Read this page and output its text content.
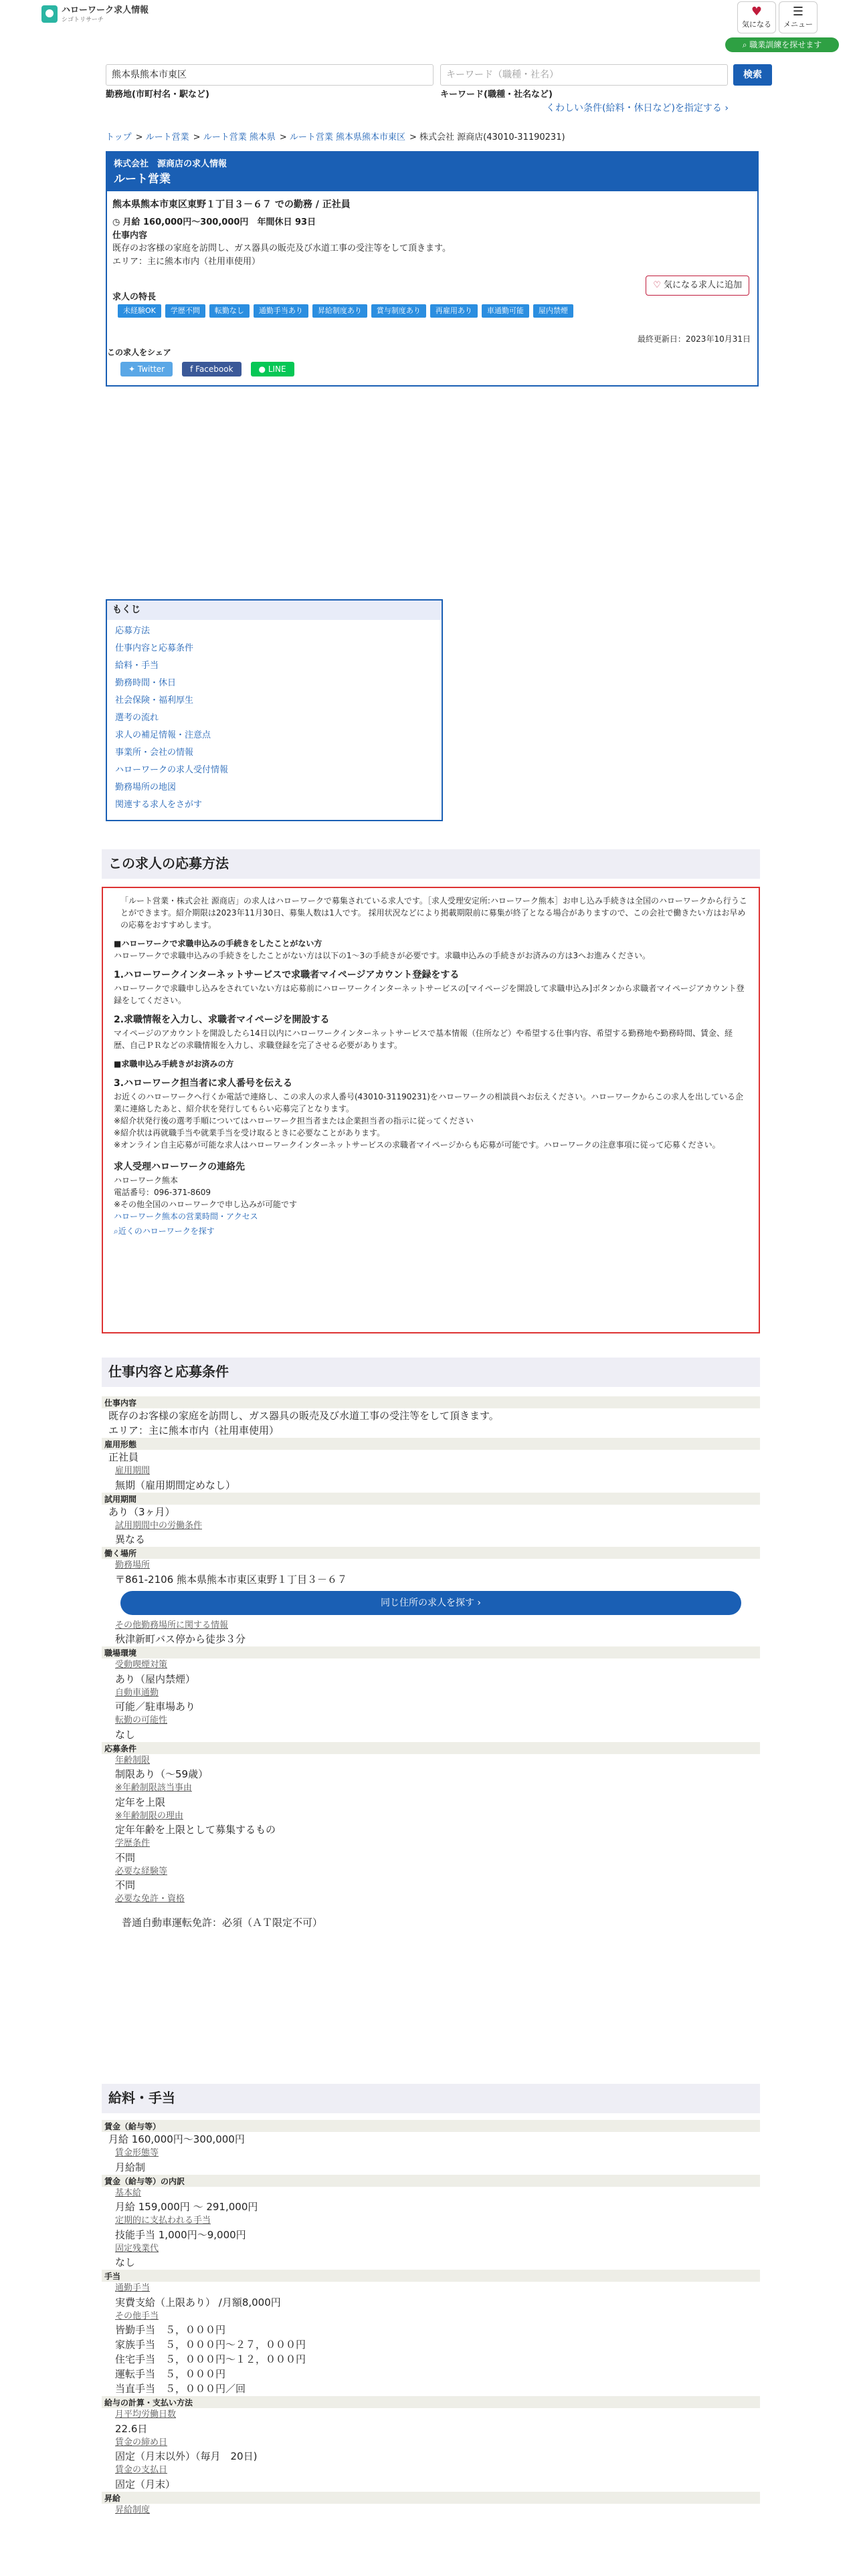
ハローワーク求人情報
シゴトリサーチ
♥
気になる
☰
メニュー
⌕ 職業訓練を探せます
熊本県熊本市東区	キーワード（職種・社名）	検索
勤務地(市町村名・駅など)	キーワード(職種・社名など)
くわしい条件(給料・休日など)を指定する ›
トップ > ルート営業 > ルート営業 熊本県 > ルート営業 熊本県熊本市東区 > 株式会社 源商店(43010-31190231)
株式会社　源商店の求人情報
ルート営業
熊本県熊本市東区東野１丁目３－６７ での勤務 / 正社員
◷ 月給 160,000円～300,000円　 年間休日 93日
仕事内容
既存のお客様の家庭を訪問し、ガス器具の販売及び水道工事の受注等をして頂きます。
エリア：主に熊本市内（社用車使用）
求人の特長
未経験OK 学歴不問 転勤なし 通勤手当あり 昇給制度あり 賞与制度あり 再雇用あり 車通勤可能 屋内禁煙
♡ 気になる求人に追加
最終更新日：2023年10月31日
この求人をシェア
✦ Twitter	f Facebook	● LINE
もくじ
応募方法
仕事内容と応募条件
給料・手当
勤務時間・休日
社会保険・福利厚生
選考の流れ
求人の補足情報・注意点
事業所・会社の情報
ハローワークの求人受付情報
勤務場所の地図
関連する求人をさがす
この求人の応募方法
「ルート営業・株式会社 源商店」の求人はハローワークで募集されている求人です。［求人受理安定所:ハローワーク熊本］お申し込み手続きは全国のハローワークから行うことができます。紹介期限は2023年11月30日、募集人数は1人です。 採用状況などにより掲載期限前に募集が終了となる場合がありますので、この会社で働きたい方はお早めの応募をおすすめします。
■ハローワークで求職申込みの手続きをしたことがない方
ハローワークで求職申込みの手続きをしたことがない方は以下の1～3の手続きが必要です。求職申込みの手続きがお済みの方は3へお進みください。
1.ハローワークインターネットサービスで求職者マイページアカウント登録をする
ハローワークで求職申し込みをされていない方は応募前にハローワークインターネットサービスの[マイページを開設して求職申込み]ボタンから求職者マイページアカウント登録をしてください。
2.求職情報を入力し、求職者マイページを開設する
マイページのアカウントを開設したら14日以内にハローワークインターネットサービスで基本情報（住所など）や希望する仕事内容、希望する勤務地や勤務時間、賃金、経歴、自己ＰＲなどの求職情報を入力し、求職登録を完了させる必要があります。
■求職申込み手続きがお済みの方
3.ハローワーク担当者に求人番号を伝える
お近くのハローワークへ行くか電話で連絡し、この求人の求人番号(43010-31190231)をハローワークの相談員へお伝えください。ハローワークからこの求人を出している企業に連絡したあと、紹介状を発行してもらい応募完了となります。
※紹介状発行後の選考手順についてはハローワーク担当者または企業担当者の指示に従ってください
※紹介状は再就職手当や就業手当を受け取るときに必要なことがあります。
※オンライン自主応募が可能な求人はハローワークインターネットサービスの求職者マイページからも応募が可能です。ハローワークの注意事項に従って応募ください。
求人受理ハローワークの連絡先
ハローワーク熊本
電話番号：096-371-8609
※その他全国のハローワークで申し込みが可能です
ハローワーク熊本の営業時間・アクセス
⌕近くのハローワークを探す
仕事内容と応募条件
仕事内容
既存のお客様の家庭を訪問し、ガス器具の販売及び水道工事の受注等をして頂きます。
エリア：主に熊本市内（社用車使用）
雇用形態
正社員
雇用期間
無期（雇用期間定めなし）
試用期間
あり（3ヶ月）
試用期間中の労働条件
異なる
働く場所
勤務場所
〒861-2106 熊本県熊本市東区東野１丁目３－６７
同じ住所の求人を探す ›
その他勤務場所に関する情報
秋津新町バス停から徒歩３分
職場環境
受動喫煙対策
あり（屋内禁煙）
自動車通勤
可能／駐車場あり
転勤の可能性
なし
応募条件
年齢制限
制限あり（～59歳）
※年齢制限該当事由
定年を上限
※年齢制限の理由
定年年齢を上限として募集するもの
学歴条件
不問
必要な経験等
不問
必要な免許・資格
普通自動車運転免許：必須（ＡＴ限定不可）
給料・手当
賃金（給与等）
月給 160,000円～300,000円
賃金形態等
月給制
賃金（給与等）の内訳
基本給
月給 159,000円 ～ 291,000円
定期的に支払われる手当
技能手当 1,000円～9,000円
固定残業代
なし
手当
通勤手当
実費支給（上限あり） /月額8,000円
その他手当
皆勤手当　５，０００円
家族手当　５，０００円～２７，０００円
住宅手当　５，０００円～１２，０００円
運転手当　５，０００円
当直手当　５，０００円／回
給与の計算・支払い方法
月平均労働日数
22.6日
賃金の締め日
固定（月末以外）（毎月　20日)
賃金の支払日
固定（月末）
昇給
昇給制度
